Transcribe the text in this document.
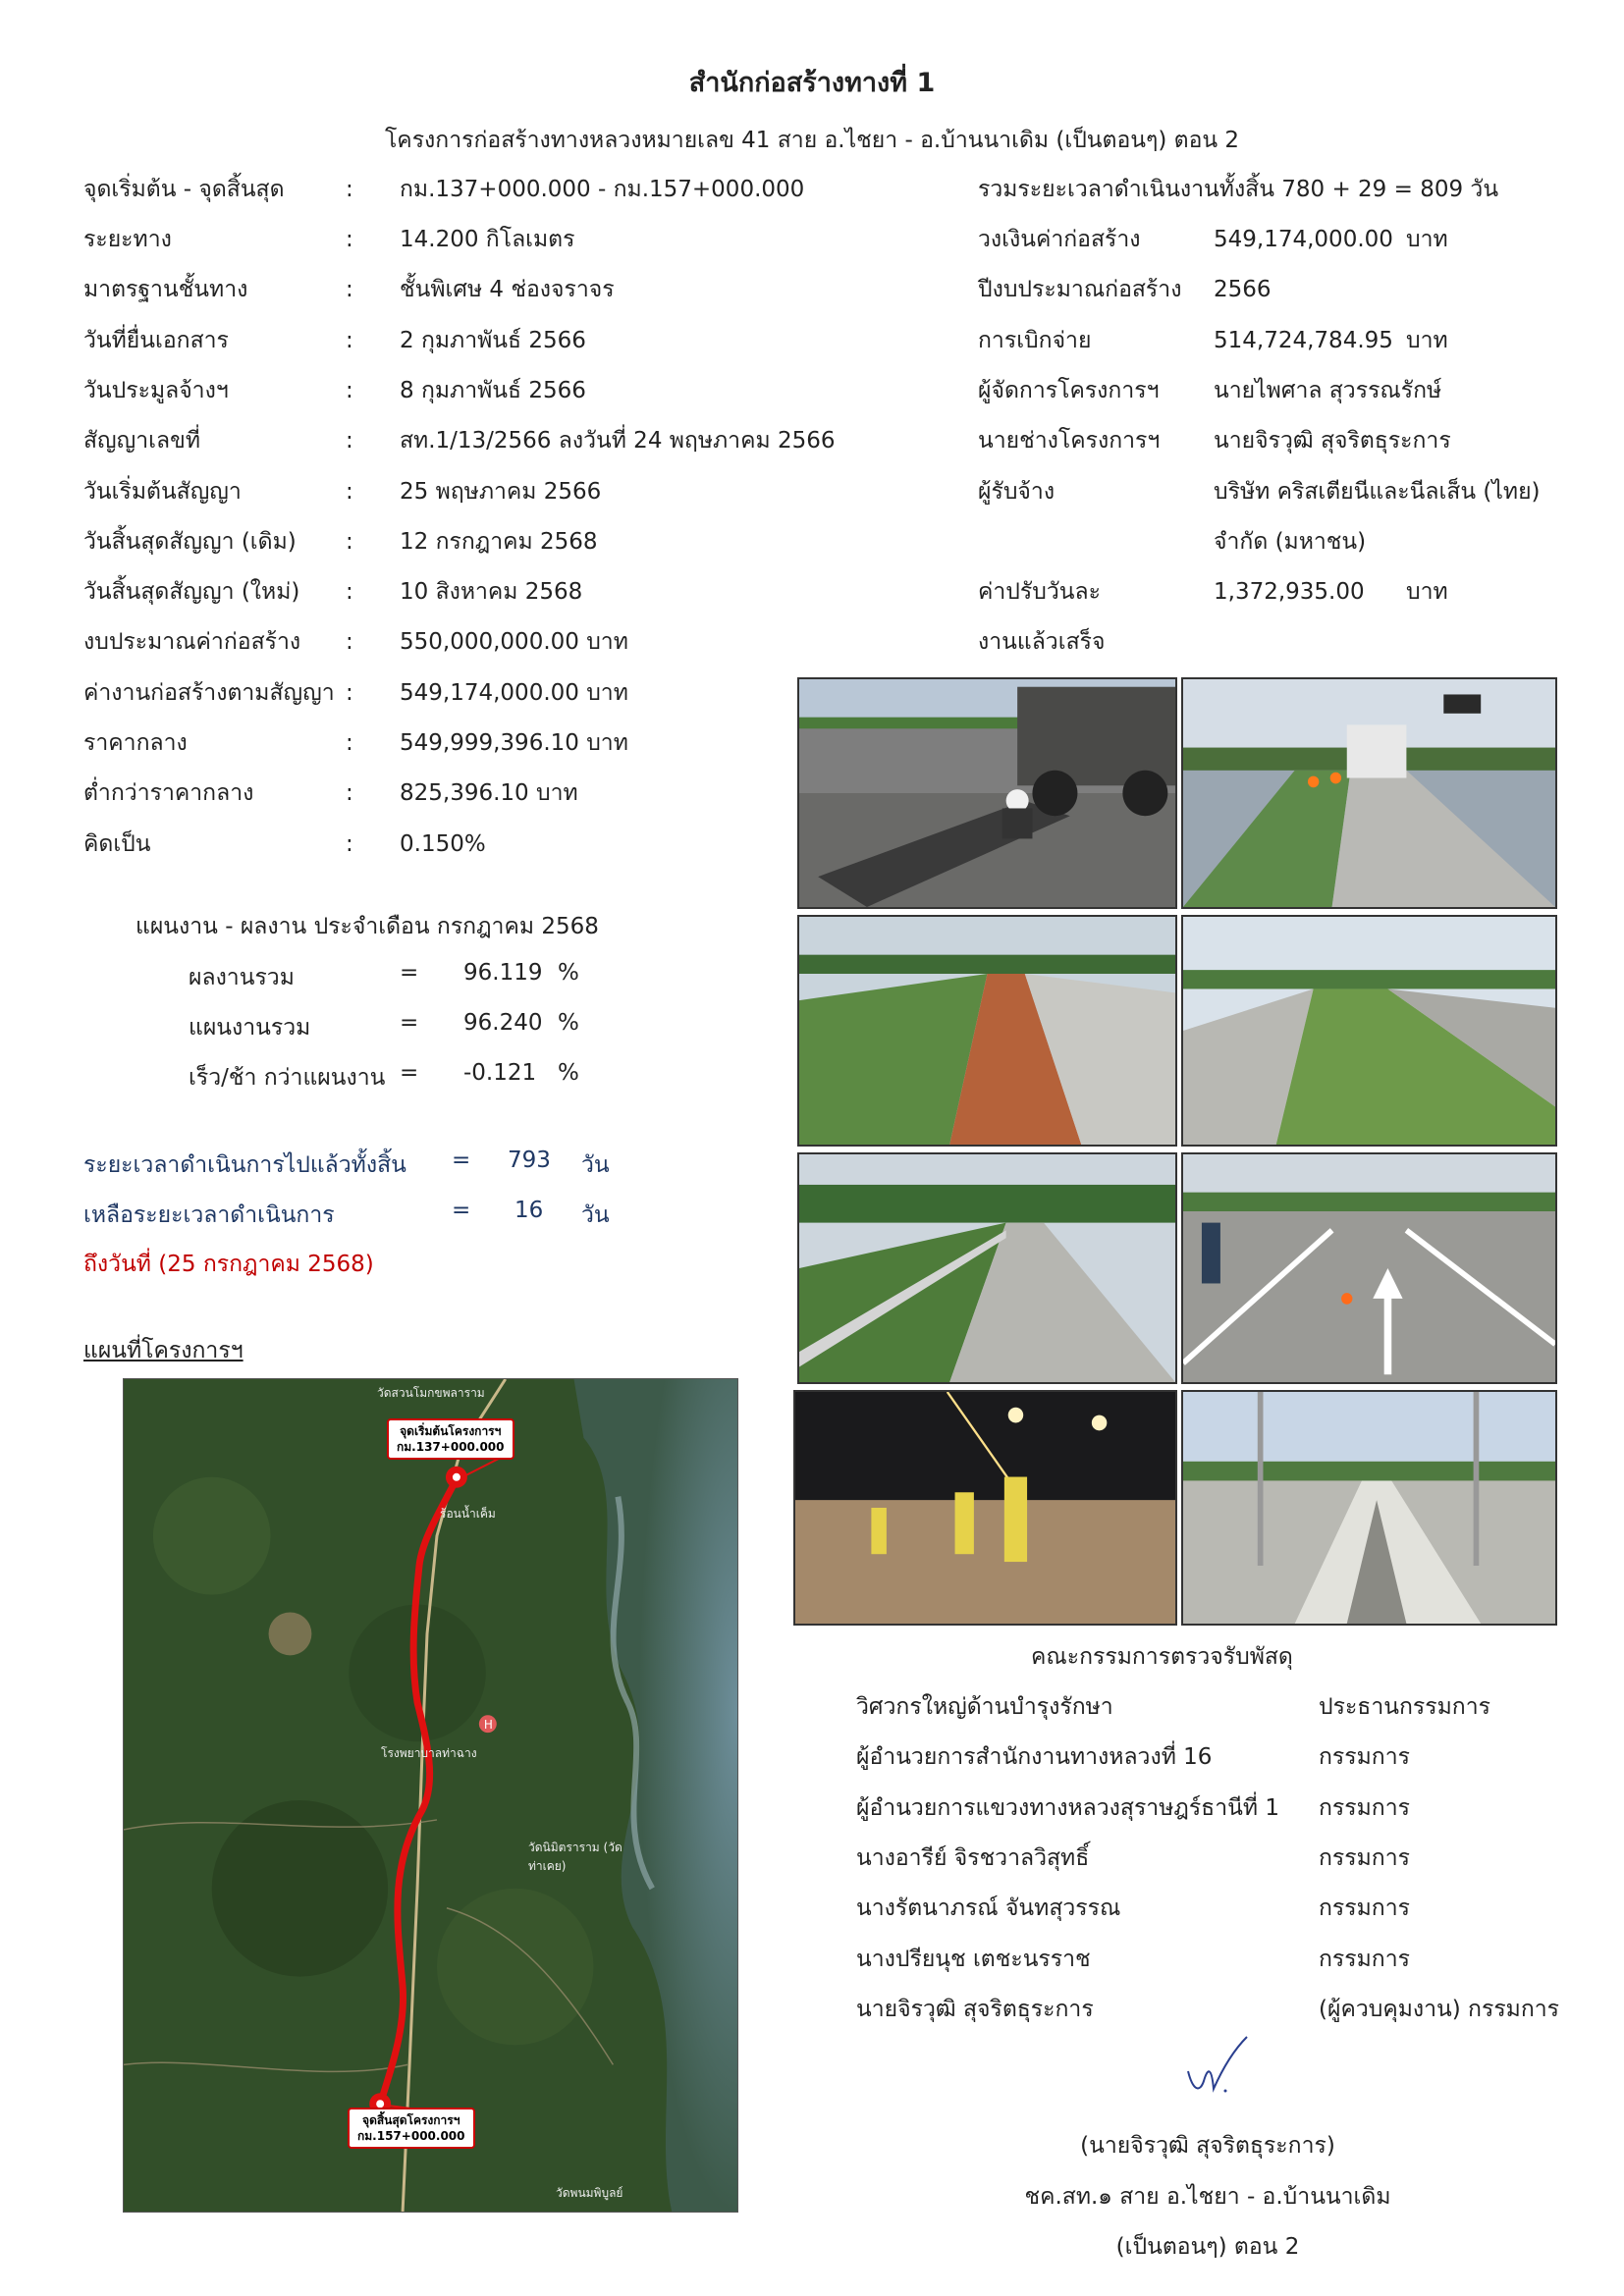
สำนักก่อสร้างทางที่ 1
โครงการก่อสร้างทางหลวงหมายเลข 41 สาย อ.ไชยา - อ.บ้านนาเดิม (เป็นตอนๆ) ตอน 2
จุดเริ่มต้น - จุดสิ้นสุด	: กม.137+000.000 - กม.157+000.000
ระยะทาง	: 14.200 กิโลเมตร
มาตรฐานชั้นทาง	: ชั้นพิเศษ 4 ช่องจราจร
วันที่ยื่นเอกสาร	: 2 กุมภาพันธ์ 2566
วันประมูลจ้างฯ	: 8 กุมภาพันธ์ 2566
สัญญาเลขที่	: สท.1/13/2566 ลงวันที่ 24 พฤษภาคม 2566
วันเริ่มต้นสัญญา	: 25 พฤษภาคม 2566
วันสิ้นสุดสัญญา (เดิม) : 12 กรกฎาคม 2568
วันสิ้นสุดสัญญา (ใหม่) : 10 สิงหาคม 2568
งบประมาณค่าก่อสร้าง : 550,000,000.00 บาท
ค่างานก่อสร้างตามสัญญา : 549,174,000.00 บาท
ราคากลาง	: 549,999,396.10 บาท
ต่ำกว่าราคากลาง	: 825,396.10 บาท
คิดเป็น	: 0.150%
รวมระยะเวลาดำเนินงานทั้งสิ้น 780 + 29 = 809 วัน
วงเงินค่าก่อสร้าง	549,174,000.00 บาท
ปีงบประมาณก่อสร้าง 2566
การเบิกจ่าย	514,724,784.95 บาท
ผู้จัดการโครงการฯ นายไพศาล สุวรรณรักษ์
นายช่างโครงการฯ นายจิรวุฒิ สุจริตธุระการ
ผู้รับจ้าง	บริษัท คริสเตียนีและนีลเส็น (ไทย)
จำกัด (มหาชน)
ค่าปรับวันละ	1,372,935.00 บาท
งานแล้วเสร็จ
แผนงาน - ผลงาน ประจำเดือน กรกฎาคม 2568
ผลงานรวม	= 96.119 %
แผนงานรวม	= 96.240 %
เร็ว/ช้า กว่าแผนงาน = -0.121 %
ระยะเวลาดำเนินการไปแล้วทั้งสิ้น = 793 วัน
เหลือระยะเวลาดำเนินการ	= 16 วัน
ถึงวันที่ (25 กรกฎาคม 2568)
แผนที่โครงการฯ
H
จุดเริ่มต้นโครงการฯ
กม.137+000.000
จุดสิ้นสุดโครงการฯ
กม.157+000.000
วัดสวนโมกขพลาราม
ร้อนน้ำเค็ม
โรงพยาบาลท่าฉาง
วัดนิมิตราราม (วัดท่าเคย)
วัดพนมพิบูลย์
คณะกรรมการตรวจรับพัสดุ
วิศวกรใหญ่ด้านบำรุงรักษา	ประธานกรรมการ
ผู้อำนวยการสำนักงานทางหลวงที่ 16	กรรมการ
ผู้อำนวยการแขวงทางหลวงสุราษฎร์ธานีที่ 1 กรรมการ
นางอารีย์ จิรชวาลวิสุทธิ์	กรรมการ
นางรัตนาภรณ์ จันทสุวรรณ	กรรมการ
นางปรียนุช เตชะนรราช	กรรมการ
นายจิรวุฒิ สุจริตธุระการ	(ผู้ควบคุมงาน) กรรมการ
(นายจิรวุฒิ สุจริตธุระการ)
ชค.สท.๑ สาย อ.ไชยา - อ.บ้านนาเดิม
(เป็นตอนๆ) ตอน 2
